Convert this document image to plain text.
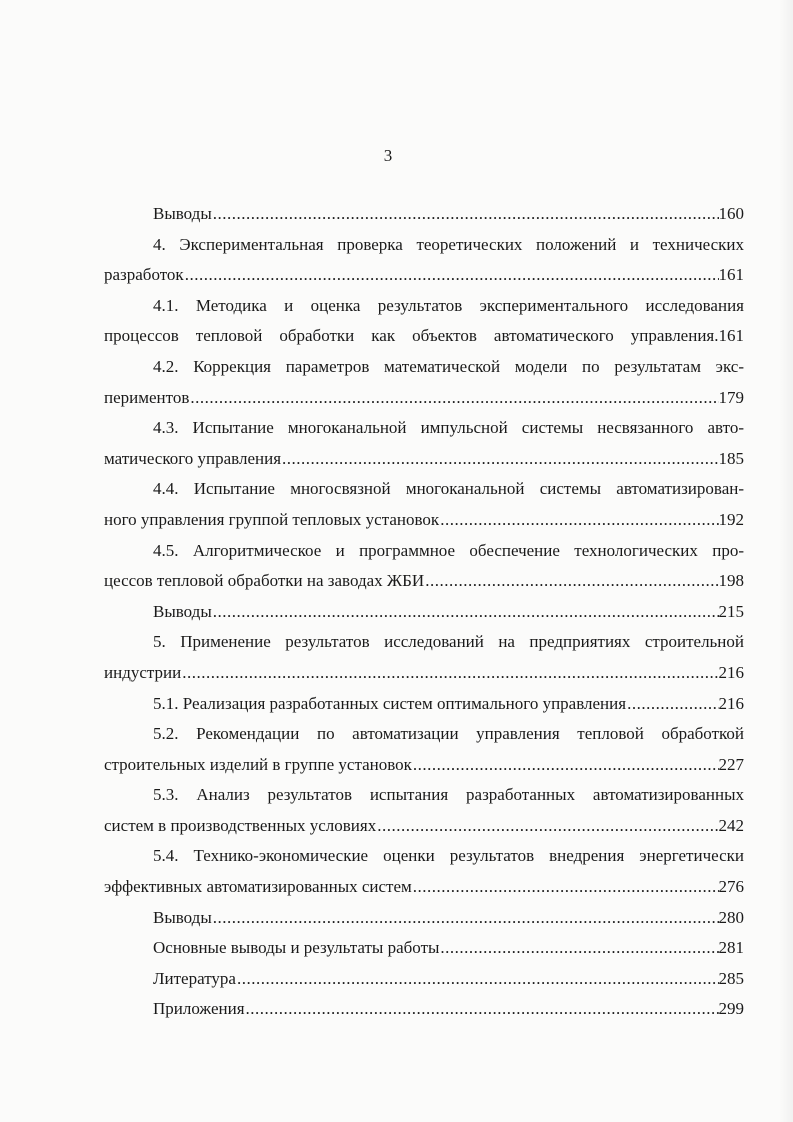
3
Выводы .....	160
4. Экспериментальная проверка теоретических положений и технических
разработок .....	161
4.1. Методика и оценка результатов экспериментального исследования
процессов тепловой обработки как объектов автоматического управления.161
4.2. Коррекция параметров математической модели по результатам экс-
периментов .....	179
4.3. Испытание многоканальной импульсной системы несвязанного авто-
матического управления .....	185
4.4. Испытание многосвязной многоканальной системы автоматизирован-
ного управления группой тепловых установок .....	192
4.5. Алгоритмическое и программное обеспечение технологических про-
цессов тепловой обработки на заводах ЖБИ .....	198
Выводы .....	215
5. Применение результатов исследований на предприятиях строительной
индустрии .....	216
5.1. Реализация разработанных систем оптимального управления .....	216
5.2. Рекомендации по автоматизации управления тепловой обработкой
строительных изделий в группе установок .....	227
5.3. Анализ результатов испытания разработанных автоматизированных
систем в производственных условиях .....	242
5.4. Технико-экономические оценки результатов внедрения энергетически
эффективных автоматизированных систем .....	276
Выводы .....	280
Основные выводы и результаты работы .....	281
Литература .....	285
Приложения .....	299
